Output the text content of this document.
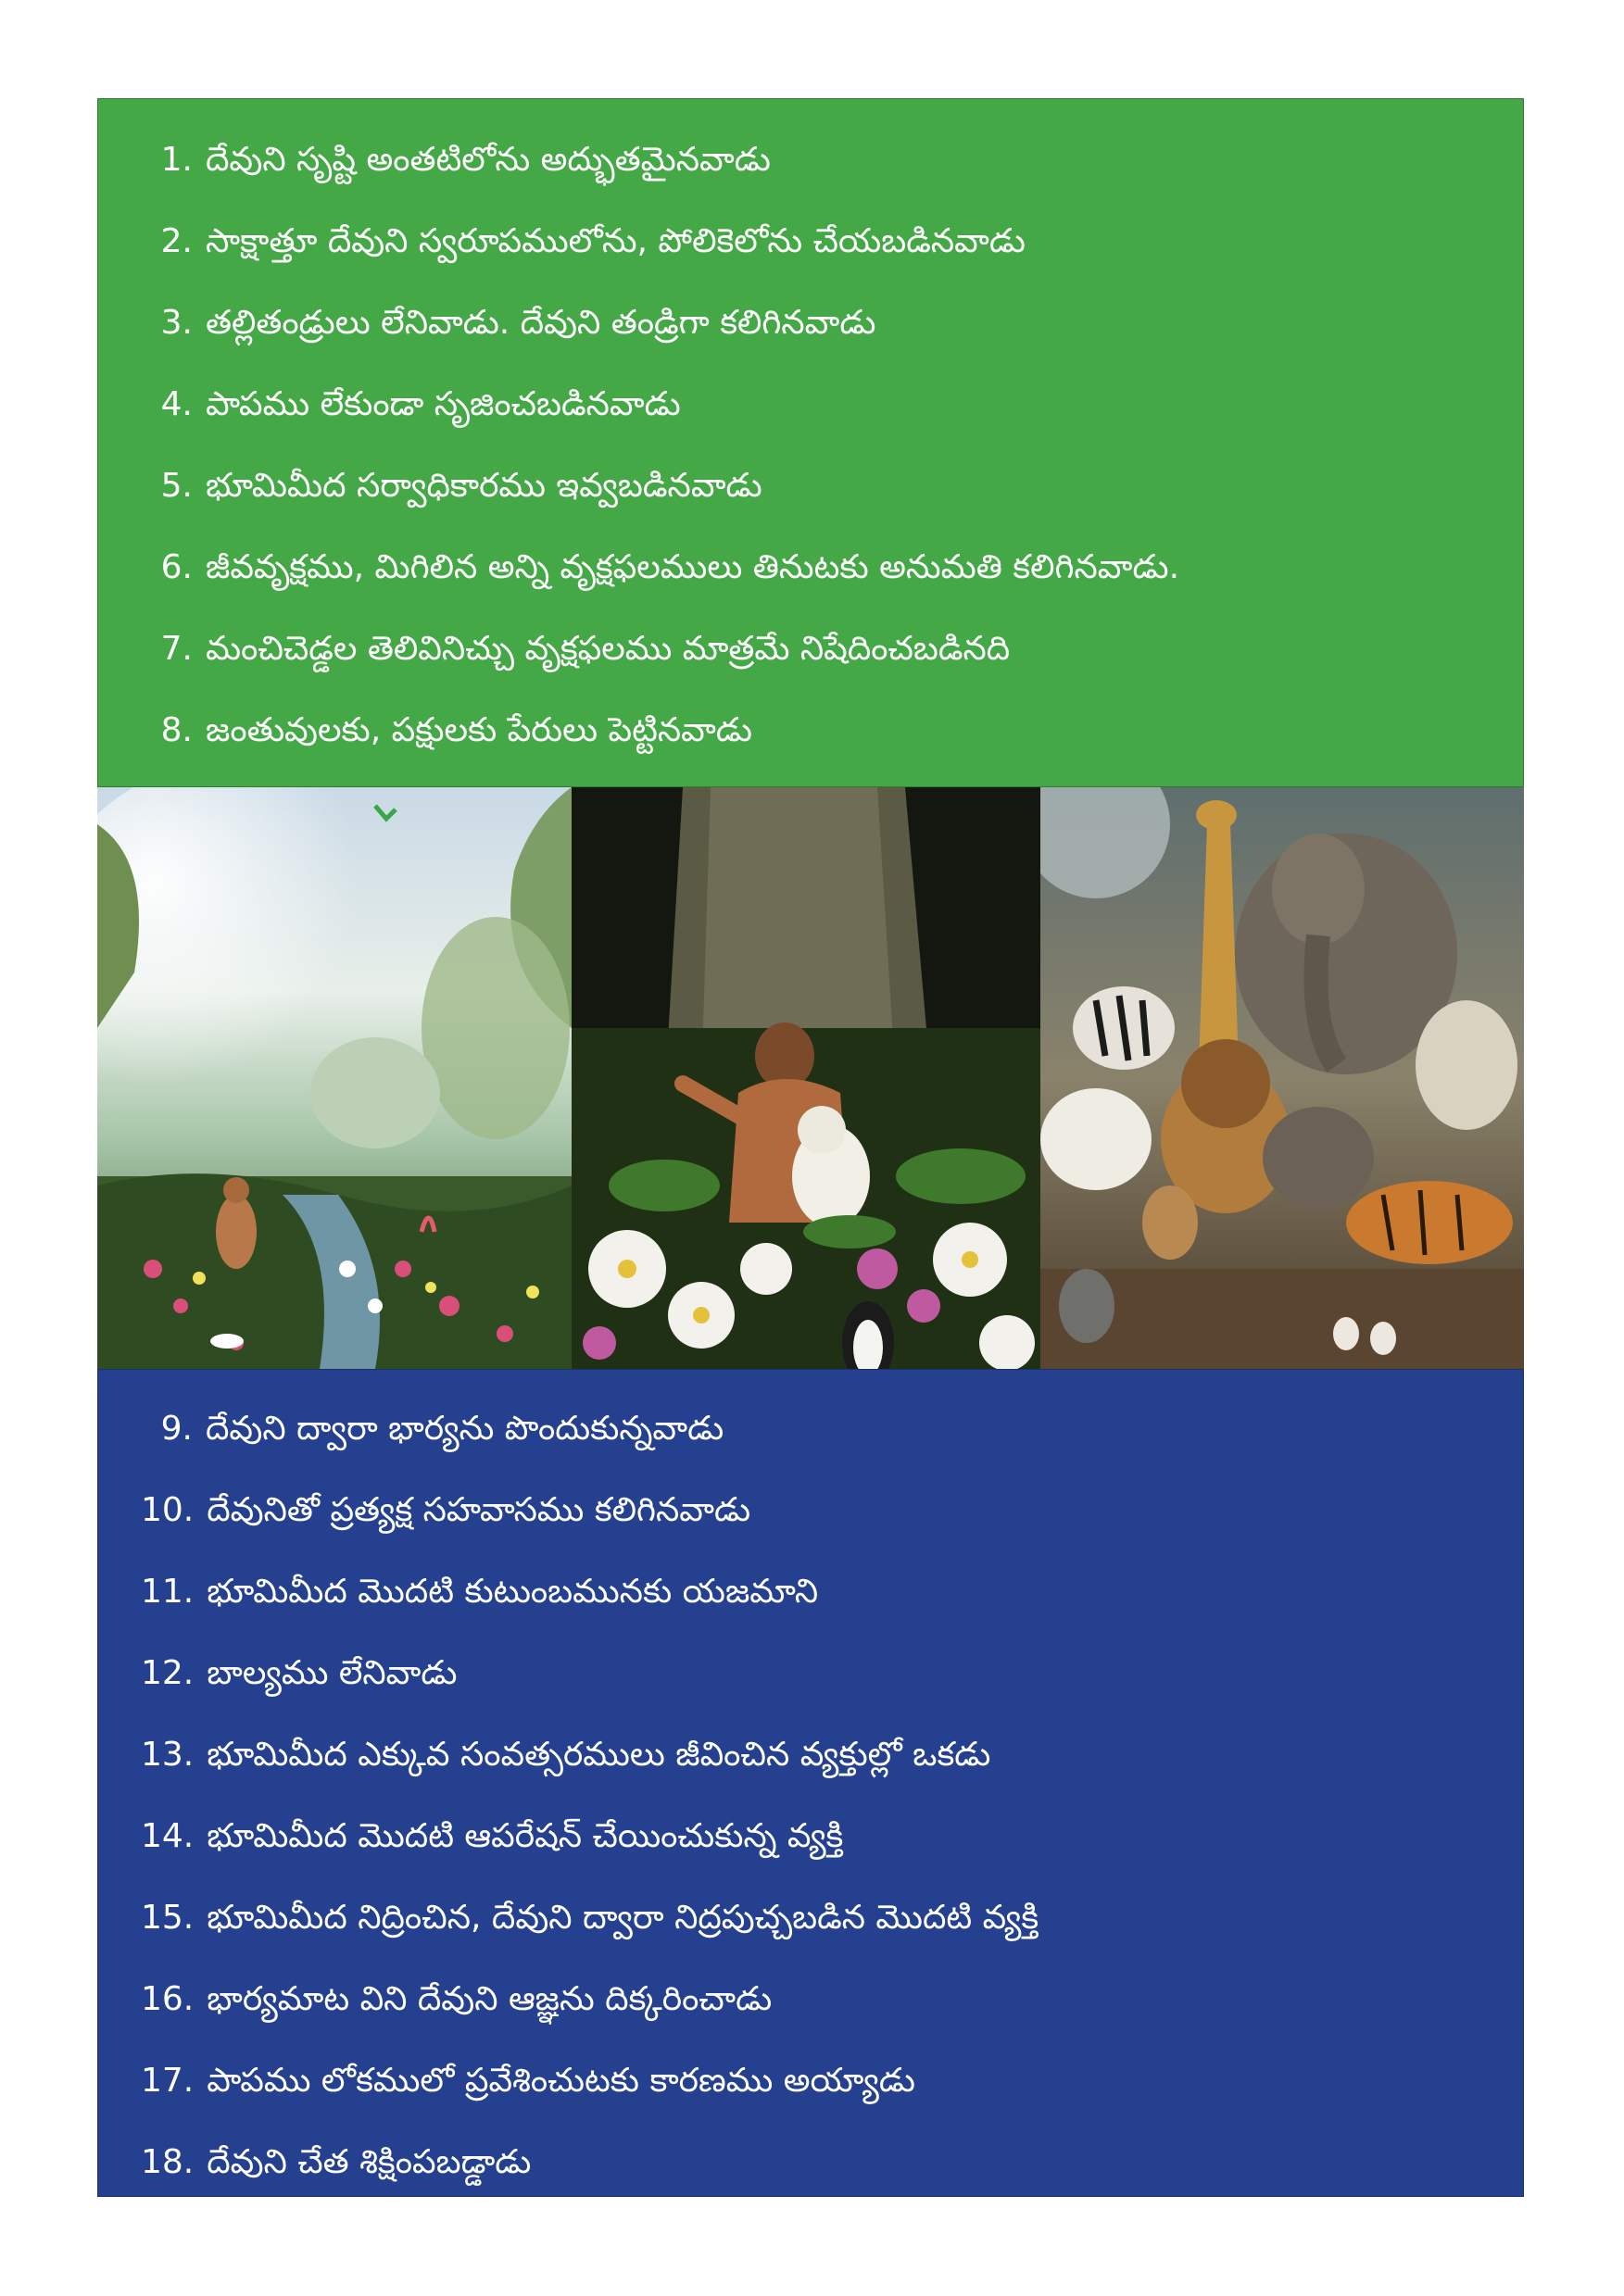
1. దేవుని సృష్టి అంతటిలోను అద్భుతమైనవాడు
2. సాక్షాత్తూ దేవుని స్వరూపములోను, పోలికెలోను చేయబడినవాడు
3. తల్లితండ్రులు లేనివాడు. దేవుని తండ్రిగా కలిగినవాడు
4. పాపము లేకుండా సృజించబడినవాడు
5. భూమిమీద సర్వాధికారము ఇవ్వబడినవాడు
6. జీవవృక్షము, మిగిలిన అన్ని వృక్షఫలములు తినుటకు అనుమతి కలిగినవాడు.
7. మంచిచెడ్డల తెలివినిచ్చు వృక్షఫలము మాత్రమే నిషేదించబడినది
8. జంతువులకు, పక్షులకు పేరులు పెట్టినవాడు
9. దేవుని ద్వారా భార్యను పొందుకున్నవాడు
10. దేవునితో ప్రత్యక్ష సహవాసము కలిగినవాడు
11. భూమిమీద మొదటి కుటుంబమునకు యజమాని
12. బాల్యము లేనివాడు
13. భూమిమీద ఎక్కువ సంవత్సరములు జీవించిన వ్యక్తుల్లో ఒకడు
14. భూమిమీద మొదటి ఆపరేషన్ చేయించుకున్న వ్యక్తి
15. భూమిమీద నిద్రించిన, దేవుని ద్వారా నిద్రపుచ్చబడిన మొదటి వ్యక్తి
16. భార్యమాట విని దేవుని ఆజ్ఞను దిక్కరించాడు
17. పాపము లోకములో ప్రవేశించుటకు కారణము అయ్యాడు
18. దేవుని చేత శిక్షింపబడ్డాడు
